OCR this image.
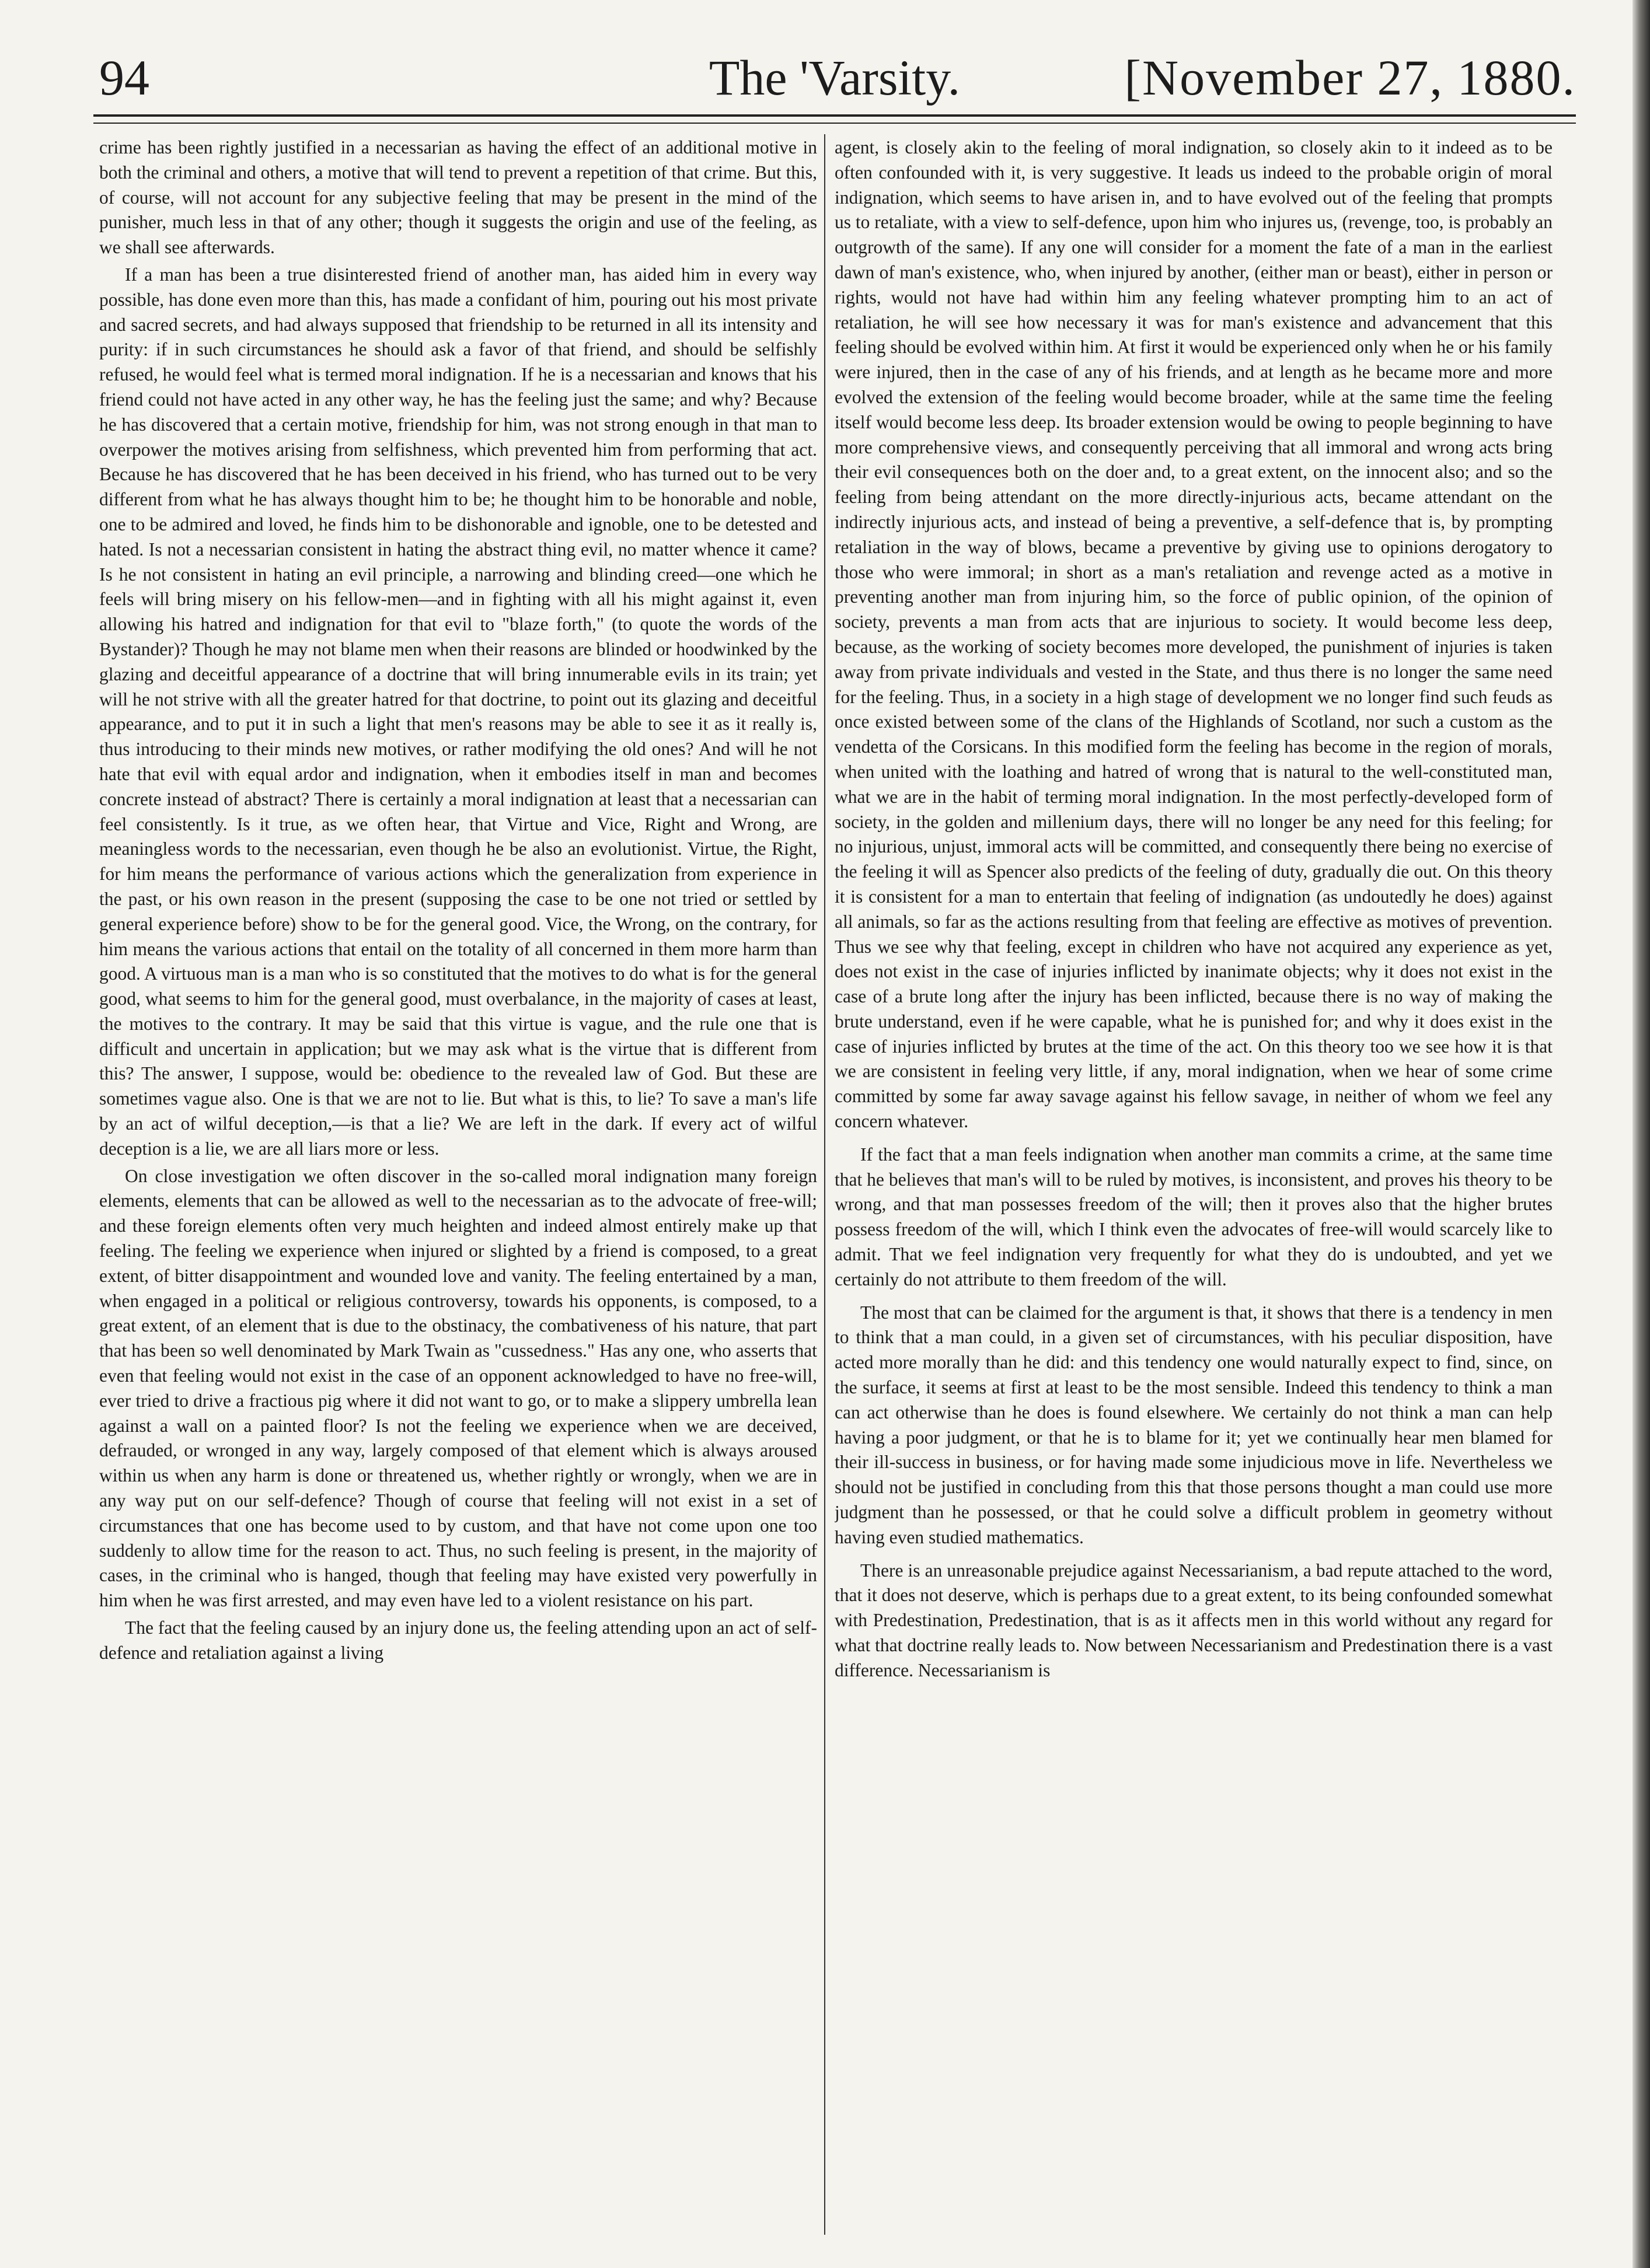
94	The 'Varsity.	[November 27, 1880.

crime has been rightly justified in a necessarian as having the effect of an additional motive in both the criminal and others, a motive that will tend to prevent a repetition of that crime. But this, of course, will not account for any subjective feeling that may be present in the mind of the punisher, much less in that of any other; though it suggests the origin and use of the feeling, as we shall see afterwards.

If a man has been a true disinterested friend of another man, has aided him in every way possible, has done even more than this, has made a confidant of him, pouring out his most private and sacred secrets, and had always supposed that friendship to be returned in all its intensity and purity: if in such circumstances he should ask a favor of that friend, and should be selfishly refused, he would feel what is termed moral indignation. If he is a necessarian and knows that his friend could not have acted in any other way, he has the feeling just the same; and why? Because he has discovered that a certain motive, friendship for him, was not strong enough in that man to overpower the motives arising from selfishness, which prevented him from performing that act. Because he has discovered that he has been deceived in his friend, who has turned out to be very different from what he has always thought him to be; he thought him to be honorable and noble, one to be admired and loved, he finds him to be dishonorable and ignoble, one to be detested and hated. Is not a necessarian consistent in hating the abstract thing evil, no matter whence it came? Is he not consistent in hating an evil principle, a narrowing and blinding creed—one which he feels will bring misery on his fellow-men—and in fighting with all his might against it, even allowing his hatred and indignation for that evil to "blaze forth," (to quote the words of the Bystander)? Though he may not blame men when their reasons are blinded or hoodwinked by the glazing and deceitful appearance of a doctrine that will bring innumerable evils in its train; yet will he not strive with all the greater hatred for that doctrine, to point out its glazing and deceitful appearance, and to put it in such a light that men's reasons may be able to see it as it really is, thus introducing to their minds new motives, or rather modifying the old ones? And will he not hate that evil with equal ardor and indignation, when it embodies itself in man and becomes concrete instead of abstract? There is certainly a moral indignation at least that a necessarian can feel consistently. Is it true, as we often hear, that Virtue and Vice, Right and Wrong, are meaningless words to the necessarian, even though he be also an evolutionist. Virtue, the Right, for him means the performance of various actions which the generalization from experience in the past, or his own reason in the present (supposing the case to be one not tried or settled by general experience before) show to be for the general good. Vice, the Wrong, on the contrary, for him means the various actions that entail on the totality of all concerned in them more harm than good. A virtuous man is a man who is so constituted that the motives to do what is for the general good, what seems to him for the general good, must overbalance, in the majority of cases at least, the motives to the contrary. It may be said that this virtue is vague, and the rule one that is difficult and uncertain in application; but we may ask what is the virtue that is different from this? The answer, I suppose, would be: obedience to the revealed law of God. But these are sometimes vague also. One is that we are not to lie. But what is this, to lie? To save a man's life by an act of wilful deception,—is that a lie? We are left in the dark. If every act of wilful deception is a lie, we are all liars more or less.

On close investigation we often discover in the so-called moral indignation many foreign elements, elements that can be allowed as well to the necessarian as to the advocate of free-will; and these foreign elements often very much heighten and indeed almost entirely make up that feeling. The feeling we experience when injured or slighted by a friend is composed, to a great extent, of bitter disappointment and wounded love and vanity. The feeling entertained by a man, when engaged in a political or religious controversy, towards his opponents, is composed, to a great extent, of an element that is due to the obstinacy, the combativeness of his nature, that part that has been so well denominated by Mark Twain as "cussedness." Has any one, who asserts that even that feeling would not exist in the case of an opponent acknowledged to have no free-will, ever tried to drive a fractious pig where it did not want to go, or to make a slippery umbrella lean against a wall on a painted floor? Is not the feeling we experience when we are deceived, defrauded, or wronged in any way, largely composed of that element which is always aroused within us when any harm is done or threatened us, whether rightly or wrongly, when we are in any way put on our self-defence? Though of course that feeling will not exist in a set of circumstances that one has become used to by custom, and that have not come upon one too suddenly to allow time for the reason to act. Thus, no such feeling is present, in the majority of cases, in the criminal who is hanged, though that feeling may have existed very powerfully in him when he was first arrested, and may even have led to a violent resistance on his part.

The fact that the feeling caused by an injury done us, the feeling attending upon an act of self-defence and retaliation against a living

agent, is closely akin to the feeling of moral indignation, so closely akin to it indeed as to be often confounded with it, is very suggestive. It leads us indeed to the probable origin of moral indignation, which seems to have arisen in, and to have evolved out of the feeling that prompts us to retaliate, with a view to self-defence, upon him who injures us, (revenge, too, is probably an outgrowth of the same). If any one will consider for a moment the fate of a man in the earliest dawn of man's existence, who, when injured by another, (either man or beast), either in person or rights, would not have had within him any feeling whatever prompting him to an act of retaliation, he will see how necessary it was for man's existence and advancement that this feeling should be evolved within him. At first it would be experienced only when he or his family were injured, then in the case of any of his friends, and at length as he became more and more evolved the extension of the feeling would become broader, while at the same time the feeling itself would become less deep. Its broader extension would be owing to people beginning to have more comprehensive views, and consequently perceiving that all immoral and wrong acts bring their evil consequences both on the doer and, to a great extent, on the innocent also; and so the feeling from being attendant on the more directly-injurious acts, became attendant on the indirectly injurious acts, and instead of being a preventive, a self-defence that is, by prompting retaliation in the way of blows, became a preventive by giving use to opinions derogatory to those who were immoral; in short as a man's retaliation and revenge acted as a motive in preventing another man from injuring him, so the force of public opinion, of the opinion of society, prevents a man from acts that are injurious to society. It would become less deep, because, as the working of society becomes more developed, the punishment of injuries is taken away from private individuals and vested in the State, and thus there is no longer the same need for the feeling. Thus, in a society in a high stage of development we no longer find such feuds as once existed between some of the clans of the Highlands of Scotland, nor such a custom as the vendetta of the Corsicans. In this modified form the feeling has become in the region of morals, when united with the loathing and hatred of wrong that is natural to the well-constituted man, what we are in the habit of terming moral indignation. In the most perfectly-developed form of society, in the golden and millenium days, there will no longer be any need for this feeling; for no injurious, unjust, immoral acts will be committed, and consequently there being no exercise of the feeling it will as Spencer also predicts of the feeling of duty, gradually die out. On this theory it is consistent for a man to entertain that feeling of indignation (as undoutedly he does) against all animals, so far as the actions resulting from that feeling are effective as motives of prevention. Thus we see why that feeling, except in children who have not acquired any experience as yet, does not exist in the case of injuries inflicted by inanimate objects; why it does not exist in the case of a brute long after the injury has been inflicted, because there is no way of making the brute understand, even if he were capable, what he is punished for; and why it does exist in the case of injuries inflicted by brutes at the time of the act. On this theory too we see how it is that we are consistent in feeling very little, if any, moral indignation, when we hear of some crime committed by some far away savage against his fellow savage, in neither of whom we feel any concern whatever.

If the fact that a man feels indignation when another man commits a crime, at the same time that he believes that man's will to be ruled by motives, is inconsistent, and proves his theory to be wrong, and that man possesses freedom of the will; then it proves also that the higher brutes possess freedom of the will, which I think even the advocates of free-will would scarcely like to admit. That we feel indignation very frequently for what they do is undoubted, and yet we certainly do not attribute to them freedom of the will.

The most that can be claimed for the argument is that, it shows that there is a tendency in men to think that a man could, in a given set of circumstances, with his peculiar disposition, have acted more morally than he did: and this tendency one would naturally expect to find, since, on the surface, it seems at first at least to be the most sensible. Indeed this tendency to think a man can act otherwise than he does is found elsewhere. We certainly do not think a man can help having a poor judgment, or that he is to blame for it; yet we continually hear men blamed for their ill-success in business, or for having made some injudicious move in life. Nevertheless we should not be justified in concluding from this that those persons thought a man could use more judgment than he possessed, or that he could solve a difficult problem in geometry without having even studied mathematics.

There is an unreasonable prejudice against Necessarianism, a bad repute attached to the word, that it does not deserve, which is perhaps due to a great extent, to its being confounded somewhat with Predestination, Predestination, that is as it affects men in this world without any regard for what that doctrine really leads to. Now between Necessarianism and Predestination there is a vast difference. Necessarianism is
